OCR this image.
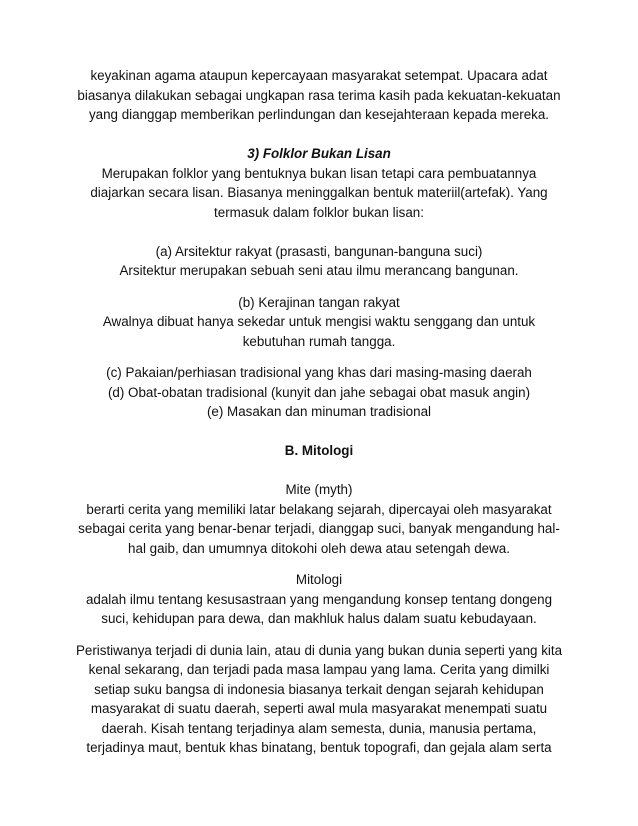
keyakinan agama ataupun kepercayaan masyarakat setempat. Upacara adat
biasanya dilakukan sebagai ungkapan rasa terima kasih pada kekuatan-kekuatan
yang dianggap memberikan perlindungan dan kesejahteraan kepada mereka.

3) Folklor Bukan Lisan

Merupakan folklor yang bentuknya bukan lisan tetapi cara pembuatannya
diajarkan secara lisan. Biasanya meninggalkan bentuk materiil(artefak). Yang
termasuk dalam folklor bukan lisan:
(a) Arsitektur rakyat (prasasti, bangunan-banguna suci)
Arsitektur merupakan sebuah seni atau ilmu merancang bangunan.
(b) Kerajinan tangan rakyat
Awalnya dibuat hanya sekedar untuk mengisi waktu senggang dan untuk
kebutuhan rumah tangga.
(c) Pakaian/perhiasan tradisional yang khas dari masing-masing daerah
(d) Obat-obatan tradisional (kunyit dan jahe sebagai obat masuk angin)
(e) Masakan dan minuman tradisional

B. Mitologi

Mite (myth)
berarti cerita yang memiliki latar belakang sejarah, dipercayai oleh masyarakat
sebagai cerita yang benar-benar terjadi, dianggap suci, banyak mengandung hal-
hal gaib, dan umumnya ditokohi oleh dewa atau setengah dewa.
Mitologi
adalah ilmu tentang kesusastraan yang mengandung konsep tentang dongeng
suci, kehidupan para dewa, dan makhluk halus dalam suatu kebudayaan.
Peristiwanya terjadi di dunia lain, atau di dunia yang bukan dunia seperti yang kita
kenal sekarang, dan terjadi pada masa lampau yang lama. Cerita yang dimilki
setiap suku bangsa di indonesia biasanya terkait dengan sejarah kehidupan
masyarakat di suatu daerah, seperti awal mula masyarakat menempati suatu
daerah. Kisah tentang terjadinya alam semesta, dunia, manusia pertama,
terjadinya maut, bentuk khas binatang, bentuk topografi, dan gejala alam serta
